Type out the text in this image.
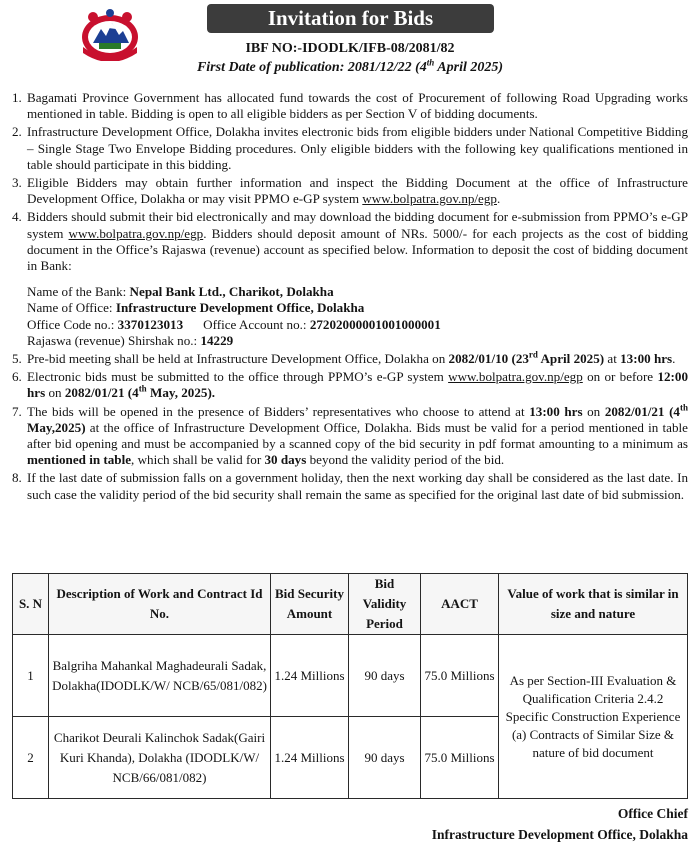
Invitation for Bids
IBF NO:-IDODLK/IFB-08/2081/82
First Date of publication: 2081/12/22 (4th April 2025)
1. Bagamati Province Government has allocated fund towards the cost of Procurement of following Road Upgrading works mentioned in table. Bidding is open to all eligible bidders as per Section V of bidding documents.
2. Infrastructure Development Office, Dolakha invites electronic bids from eligible bidders under National Competitive Bidding – Single Stage Two Envelope Bidding procedures. Only eligible bidders with the following key qualifications mentioned in table should participate in this bidding.
3. Eligible Bidders may obtain further information and inspect the Bidding Document at the office of Infrastructure Development Office, Dolakha or may visit PPMO e-GP system www.bolpatra.gov.np/egp.
4. Bidders should submit their bid electronically and may download the bidding document for e-submission from PPMO’s e-GP system www.bolpatra.gov.np/egp. Bidders should deposit amount of NRs. 5000/- for each projects as the cost of bidding document in the Office’s Rajaswa (revenue) account as specified below. Information to deposit the cost of bidding document in Bank:
Name of the Bank: Nepal Bank Ltd., Charikot, Dolakha
Name of Office: Infrastructure Development Office, Dolakha
Office Code no.: 3370123013 Office Account no.: 27202000001001000001
Rajaswa (revenue) Shirshak no.: 14229
5. Pre-bid meeting shall be held at Infrastructure Development Office, Dolakha on 2082/01/10 (23rd April 2025) at 13:00 hrs.
6. Electronic bids must be submitted to the office through PPMO’s e-GP system www.bolpatra.gov.np/egp on or before 12:00 hrs on 2082/01/21 (4th May, 2025).
7. The bids will be opened in the presence of Bidders’ representatives who choose to attend at 13:00 hrs on 2082/01/21 (4th May,2025) at the office of Infrastructure Development Office, Dolakha. Bids must be valid for a period mentioned in table after bid opening and must be accompanied by a scanned copy of the bid security in pdf format amounting to a minimum as mentioned in table, which shall be valid for 30 days beyond the validity period of the bid.
8. If the last date of submission falls on a government holiday, then the next working day shall be considered as the last date. In such case the validity period of the bid security shall remain the same as specified for the original last date of bid submission.
S. N	Description of Work and Contract Id No.	Bid Security Amount	Bid Validity Period	AACT	Value of work that is similar in size and nature
1	Balgriha Mahankal Maghadeurali Sadak, Dolakha(IDODLK/W/ NCB/65/081/082)	1.24 Millions	90 days	75.0 Millions	As per Section-III Evaluation & Qualification Criteria 2.4.2 Specific Construction Experience (a) Contracts of Similar Size & nature of bid document
2	Charikot Deurali Kalinchok Sadak(Gairi Kuri Khanda), Dolakha (IDODLK/W/ NCB/66/081/082)	1.24 Millions	90 days	75.0 Millions	
Office Chief
Infrastructure Development Office, Dolakha
